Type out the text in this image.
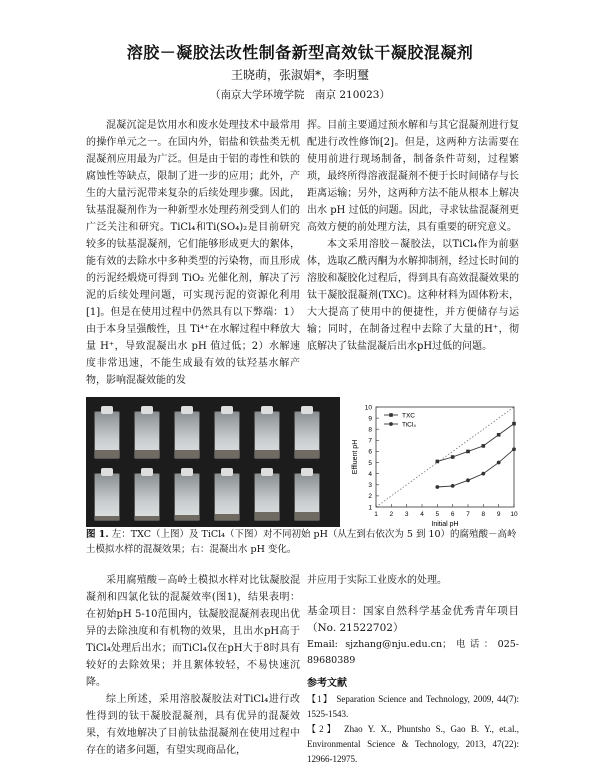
溶胶－凝胶法改性制备新型高效钛干凝胶混凝剂
王晓萌，张淑娟*，李明璽
（南京大学环境学院　南京 210023）

混凝沉淀是饮用水和废水处理技术中最常用的操作单元之一。在国内外，铝盐和铁盐类无机混凝剂应用最为广泛。但是由于铝的毒性和铁的腐蚀性等缺点，限制了进一步的应用；此外，产生的大量污泥带来复杂的后续处理步骤。因此，钛基混凝剂作为一种新型水处理药剂受到人们的广泛关注和研究。TiCl₄和Ti(SO₄)₂是目前研究较多的钛基混凝剂，它们能够形成更大的絮体，能有效的去除水中多种类型的污染物，而且形成的污泥经煅烧可得到 TiO₂ 光催化剂，解决了污泥的后续处理问题，可实现污泥的资源化利用[1]。但是在使用过程中仍然具有以下弊端：1）由于本身呈强酸性，且 Ti⁴⁺在水解过程中释放大量 H⁺，导致混凝出水 pH 值过低；2）水解速度非常迅速，不能生成最有效的钛羟基水解产物，影响混凝效能的发

挥。目前主要通过预水解和与其它混凝剂进行复配进行改性修饰[2]。但是，这两种方法需要在使用前进行现场制备，制备条件苛刻，过程繁琐，最终所得溶液混凝剂不便于长时间储存与长距离运输；另外，这两种方法不能从根本上解决出水 pH 过低的问题。因此，寻求钛盐混凝剂更高效方便的前处理方法，具有重要的研究意义。

本文采用溶胶－凝胶法，以TiCl₄作为前驱体，选取乙酰丙酮为水解抑制剂，经过长时间的溶胶和凝胶化过程后，得到具有高效混凝效果的钛干凝胶混凝剂(TXC)。这种材料为固体粉末，大大提高了使用中的便捷性，并方便储存与运输；同时，在制备过程中去除了大量的H⁺，彻底解决了钛盐混凝后出水pH过低的问题。

1 2 3 4 5 6 7 8 9 10
1
2
3
4
5
6
7
8
9
10
Initial pH
Effluent pH
TXC
TiCl₄
图 1. 左：TXC（上图）及 TiCl₄（下图）对不同初始 pH（从左到右依次为 5 到 10）的腐殖酸－高岭土模拟水样的混凝效果；右：混凝出水 pH 变化。

采用腐殖酸－高岭土模拟水样对比钛凝胶混凝剂和四氯化钛的混凝效率(图1)，结果表明：在初始pH 5-10范围内，钛凝胶混凝剂表现出优异的去除浊度和有机物的效果，且出水pH高于TiCl₄处理后出水；而TiCl₄仅在pH大于8时具有较好的去除效果；并且絮体较轻，不易快速沉降。

综上所述，采用溶胶凝胶法对TiCl₄进行改性得到的钛干凝胶混凝剂，具有优异的混凝效果，有效地解决了目前钛盐混凝剂在使用过程中存在的诸多问题，有望实现商品化，

并应用于实际工业废水的处理。

基金项目：国家自然科学基金优秀青年项目（No. 21522702）
Email: sjzhang@nju.edu.cn；电话：025-89680389
参考文献
【1】 Separation Science and Technology, 2009, 44(7): 1525-1543.
【2】 Zhao Y. X., Phuntsho S., Gao B. Y., et.al., Environmental Science & Technology, 2013, 47(22): 12966-12975.
